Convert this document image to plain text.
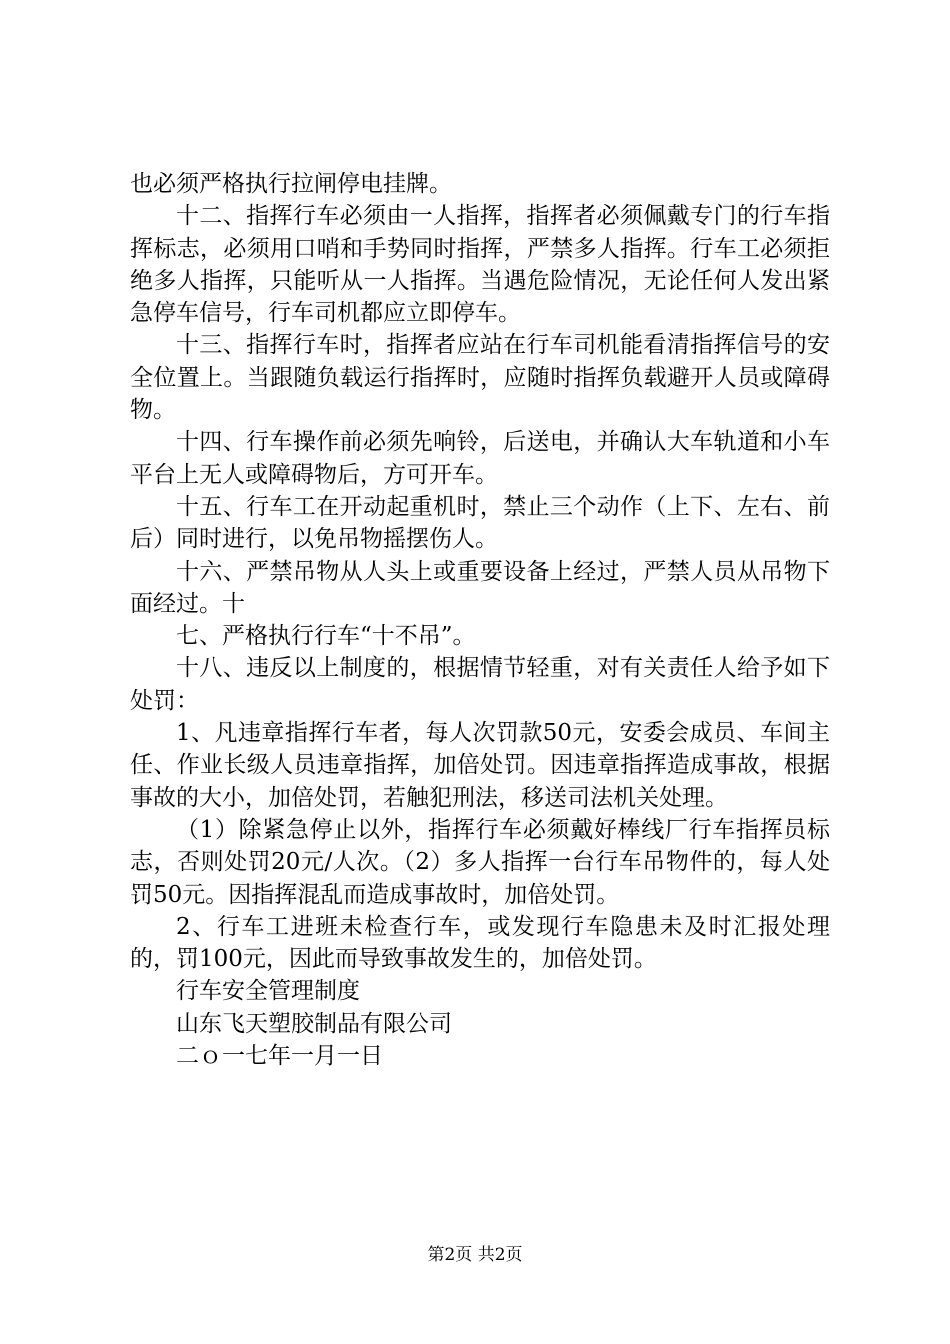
也必须严格执行拉闸停电挂牌。

十二、指挥行车必须由一人指挥，指挥者必须佩戴专门的行车指挥标志，必须用口哨和手势同时指挥，严禁多人指挥。行车工必须拒绝多人指挥，只能听从一人指挥。当遇危险情况，无论任何人发出紧急停车信号，行车司机都应立即停车。

十三、指挥行车时，指挥者应站在行车司机能看清指挥信号的安全位置上。当跟随负载运行指挥时，应随时指挥负载避开人员或障碍物。

十四、行车操作前必须先响铃，后送电，并确认大车轨道和小车平台上无人或障碍物后，方可开车。

十五、行车工在开动起重机时，禁止三个动作（上下、左右、前后）同时进行，以免吊物摇摆伤人。

十六、严禁吊物从人头上或重要设备上经过，严禁人员从吊物下面经过。十

七、严格执行行车“十不吊”。

十八、违反以上制度的，根据情节轻重，对有关责任人给予如下处罚：

1、凡违章指挥行车者，每人次罚款50元，安委会成员、车间主任、作业长级人员违章指挥，加倍处罚。因违章指挥造成事故，根据事故的大小，加倍处罚，若触犯刑法，移送司法机关处理。

（1）除紧急停止以外，指挥行车必须戴好棒线厂行车指挥员标志，否则处罚20元/人次。（2）多人指挥一台行车吊物件的，每人处罚50元。因指挥混乱而造成事故时，加倍处罚。

2、行车工进班未检查行车，或发现行车隐患未及时汇报处理的，罚100元，因此而导致事故发生的，加倍处罚。

行车安全管理制度

山东飞天塑胶制品有限公司

二ｏ一七年一月一日

第2页 共2页
